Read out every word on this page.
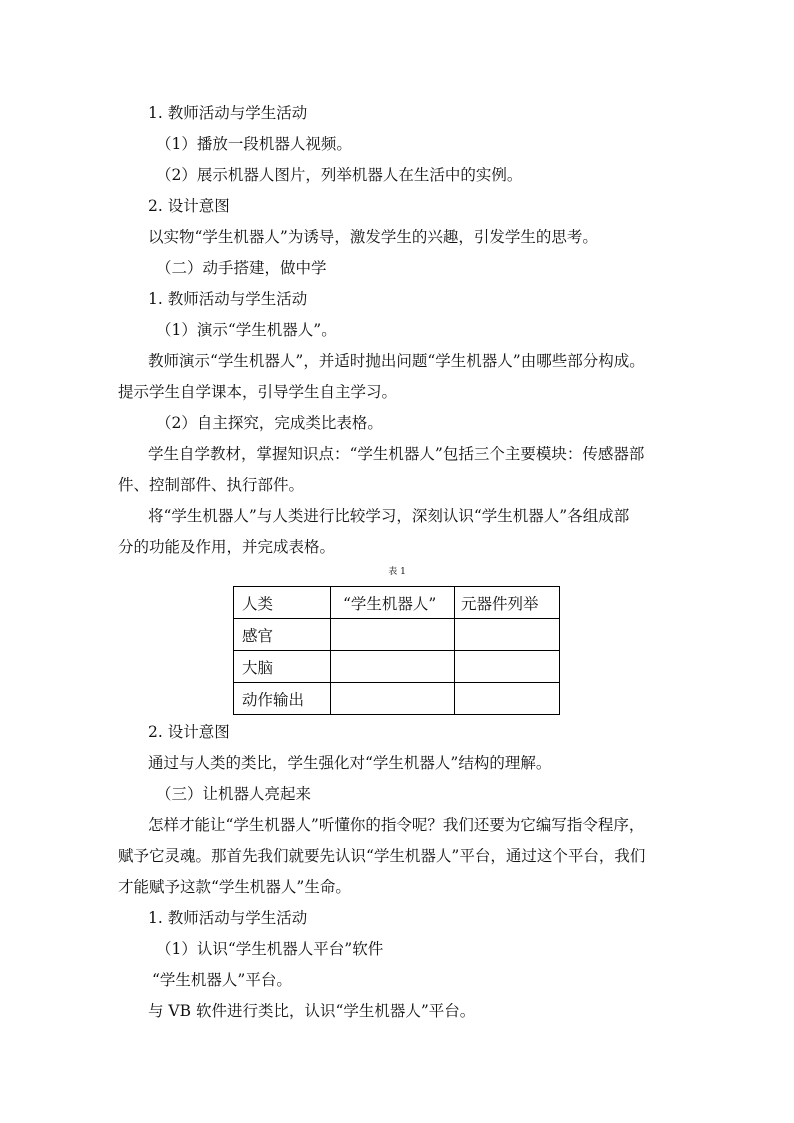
1. 教师活动与学生活动
（1）播放一段机器人视频。
（2）展示机器人图片，列举机器人在生活中的实例。
2. 设计意图
以实物“学生机器人”为诱导，激发学生的兴趣，引发学生的思考。
（二）动手搭建，做中学
1. 教师活动与学生活动
（1）演示“学生机器人”。
教师演示“学生机器人”，并适时抛出问题“学生机器人”由哪些部分构成。
提示学生自学课本，引导学生自主学习。
（2）自主探究，完成类比表格。
学生自学教材，掌握知识点：“学生机器人”包括三个主要模块：传感器部
件、控制部件、执行部件。
将“学生机器人”与人类进行比较学习，深刻认识“学生机器人”各组成部
分的功能及作用，并完成表格。
表 1
人类	“学生机器人”	元器件列举
感官		
大脑		
动作输出		
2. 设计意图
通过与人类的类比，学生强化对“学生机器人”结构的理解。
（三）让机器人亮起来
怎样才能让“学生机器人”听懂你的指令呢？我们还要为它编写指令程序，
赋予它灵魂。那首先我们就要先认识“学生机器人”平台，通过这个平台，我们
才能赋予这款“学生机器人”生命。
1. 教师活动与学生活动
（1）认识“学生机器人平台”软件
“学生机器人”平台。
与 VB 软件进行类比，认识“学生机器人”平台。
